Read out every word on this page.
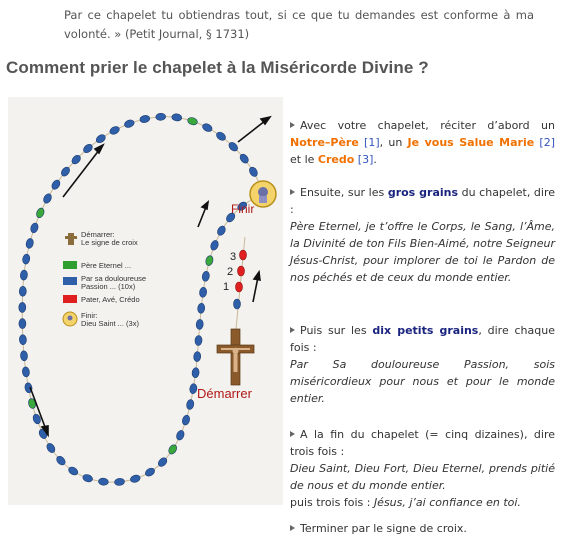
Par ce chapelet tu obtiendras tout, si ce que tu demandes est conforme à ma volonté. » (Petit Journal, § 1731)
Comment prier le chapelet à la Miséricorde Divine ?
Finir
3
2
1
Démarrer
Démarrer:
Le signe de croix
Père Eternel ...
Par sa douloureuse
Passion ... (10x)
Pater, Avé, Crédo
Finir:
Dieu Saint ... (3x)
Avec votre chapelet, réciter d’abord un Notre–Père [1], un Je vous Salue Marie [2] et le Credo [3].
Ensuite, sur les gros grains du chapelet, dire :
Père Eternel, je t’offre le Corps, le Sang, l’Âme, la Divinité de ton Fils Bien-Aimé, notre Seigneur Jésus-Christ, pour implorer de toi le Pardon de nos péchés et de ceux du monde entier.
Puis sur les dix petits grains, dire chaque fois :
Par Sa douloureuse Passion, sois miséricordieux pour nous et pour le monde entier.
A la fin du chapelet (= cinq dizaines), dire trois fois :
Dieu Saint, Dieu Fort, Dieu Eternel, prends pitié de nous et du monde entier.
puis trois fois : Jésus, j’ai confiance en toi.
Terminer par le signe de croix.
